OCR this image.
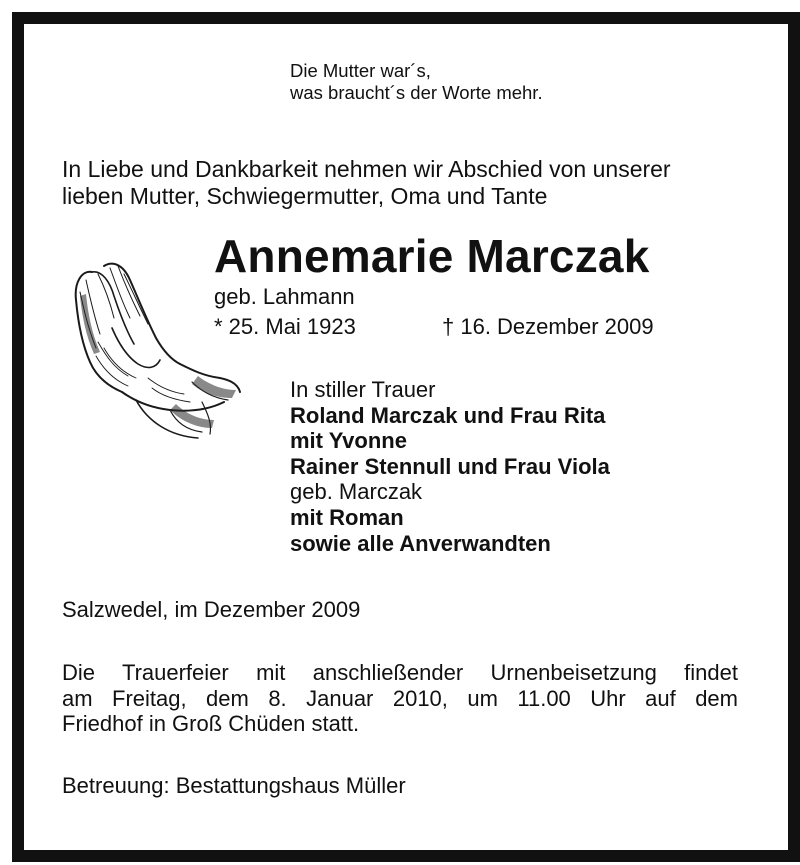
Die Mutter war´s,
was braucht´s der Worte mehr.
In Liebe und Dankbarkeit nehmen wir Abschied von unserer
lieben Mutter, Schwiegermutter, Oma und Tante
Annemarie Marczak
geb. Lahmann
* 25. Mai 1923	† 16. Dezember 2009
In stiller Trauer
Roland Marczak und Frau Rita
mit Yvonne
Rainer Stennull und Frau Viola
geb. Marczak
mit Roman
sowie alle Anverwandten
Salzwedel, im Dezember 2009
Die Trauerfeier mit anschließender Urnenbeisetzung findet
am Freitag, dem 8. Januar 2010, um 11.00 Uhr auf dem
Friedhof in Groß Chüden statt.
Betreuung: Bestattungshaus Müller
